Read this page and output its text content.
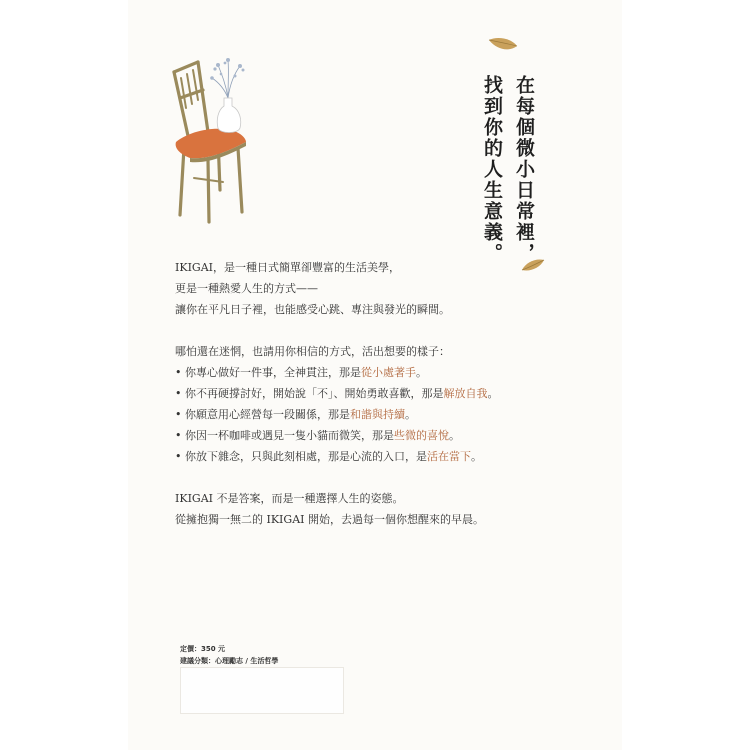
在每個微小日常裡，
找到你的人生意義。

IKIGAI，是一種日式簡單卻豐富的生活美學，

更是一種熱愛人生的方式——

讓你在平凡日子裡，也能感受心跳、專注與發光的瞬間。

哪怕還在迷惘，也請用你相信的方式，活出想要的樣子：

• 你專心做好一件事，全神貫注，那是從小處著手。
• 你不再硬撐討好，開始說「不」、開始勇敢喜歡，那是解放自我。
• 你願意用心經營每一段關係，那是和諧與持續。
• 你因一杯咖啡或遇見一隻小貓而微笑，那是些微的喜悅。
• 你放下雜念，只與此刻相處，那是心流的入口，是活在當下。

IKIGAI 不是答案，而是一種選擇人生的姿態。

從擁抱獨一無二的 IKIGAI 開始，去過每一個你想醒來的早晨。

定價：350 元
建議分類：心理勵志 / 生活哲學
